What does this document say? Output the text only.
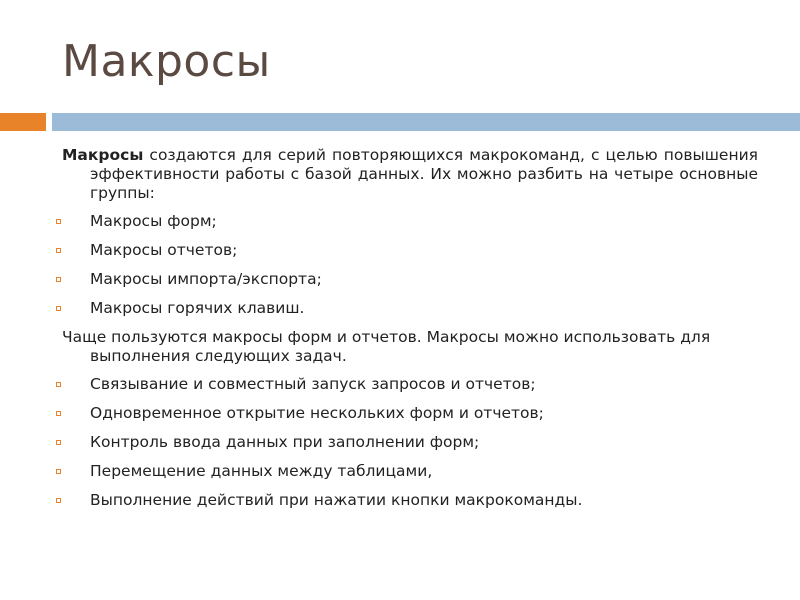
Макросы
Макросы создаются для серий повторяющихся макрокоманд, с целью повышения эффективности работы с базой данных. Их можно разбить на четыре основные группы:
Макросы форм;
Макросы отчетов;
Макросы импорта/экспорта;
Макросы горячих клавиш.
Чаще пользуются макросы форм и отчетов. Макросы можно использовать для выполнения следующих задач.
Связывание и совместный запуск запросов и отчетов;
Одновременное открытие нескольких форм и отчетов;
Контроль ввода данных при заполнении форм;
Перемещение данных между таблицами,
Выполнение действий при нажатии кнопки макрокоманды.
